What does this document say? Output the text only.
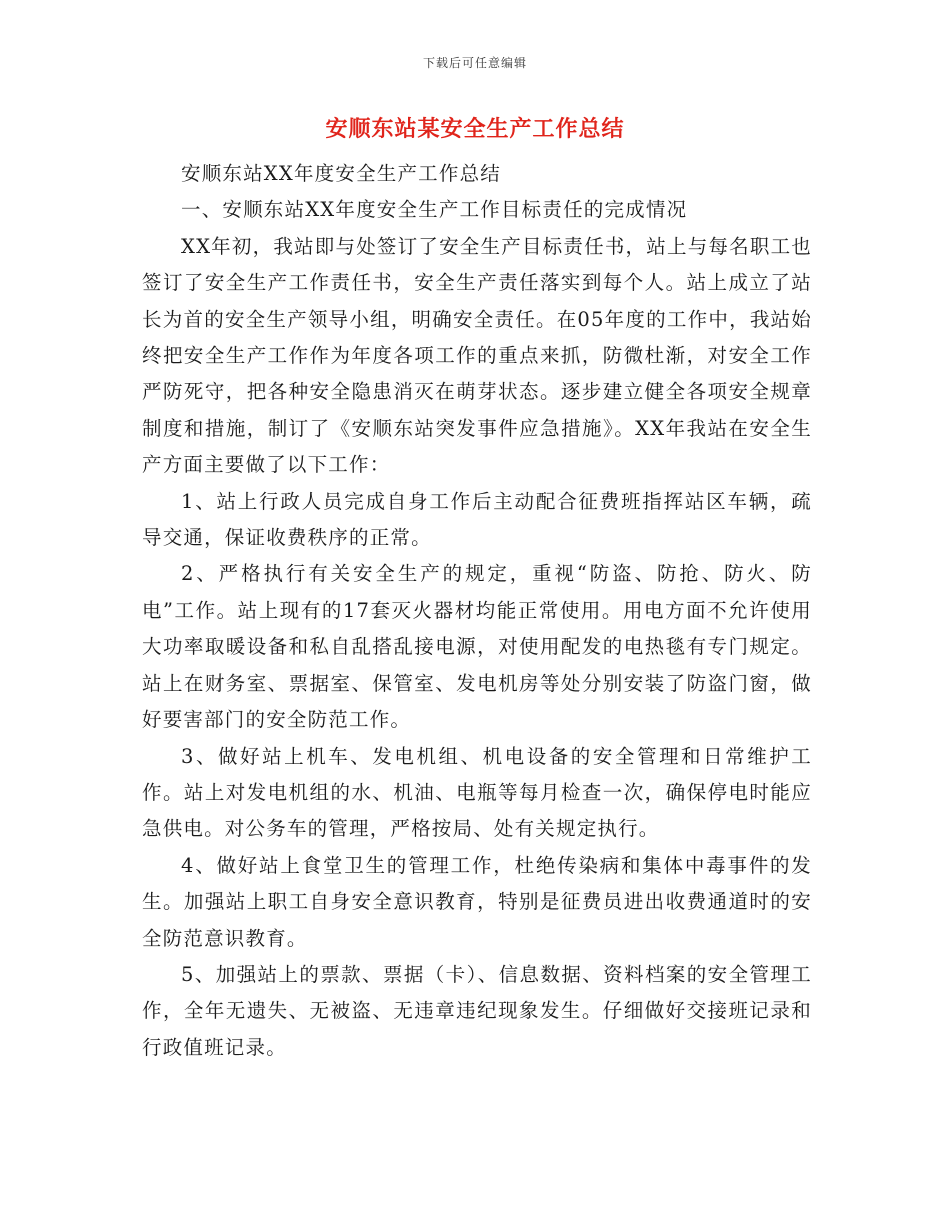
下载后可任意编辑
安顺东站某安全生产工作总结

安顺东站XX年度安全生产工作总结

一、安顺东站XX年度安全生产工作目标责任的完成情况

XX年初，我站即与处签订了安全生产目标责任书，站上与每名职工也签订了安全生产工作责任书，安全生产责任落实到每个人。站上成立了站长为首的安全生产领导小组，明确安全责任。在05年度的工作中，我站始终把安全生产工作作为年度各项工作的重点来抓，防微杜渐，对安全工作严防死守，把各种安全隐患消灭在萌芽状态。逐步建立健全各项安全规章制度和措施，制订了《安顺东站突发事件应急措施》。XX年我站在安全生产方面主要做了以下工作：

1、站上行政人员完成自身工作后主动配合征费班指挥站区车辆，疏导交通，保证收费秩序的正常。

2、严格执行有关安全生产的规定，重视“防盗、防抢、防火、防电”工作。站上现有的17套灭火器材均能正常使用。用电方面不允许使用大功率取暖设备和私自乱搭乱接电源，对使用配发的电热毯有专门规定。站上在财务室、票据室、保管室、发电机房等处分别安装了防盗门窗，做好要害部门的安全防范工作。

3、做好站上机车、发电机组、机电设备的安全管理和日常维护工作。站上对发电机组的水、机油、电瓶等每月检查一次，确保停电时能应急供电。对公务车的管理，严格按局、处有关规定执行。

4、做好站上食堂卫生的管理工作，杜绝传染病和集体中毒事件的发生。加强站上职工自身安全意识教育，特别是征费员进出收费通道时的安全防范意识教育。

5、加强站上的票款、票据（卡）、信息数据、资料档案的安全管理工作，全年无遗失、无被盗、无违章违纪现象发生。仔细做好交接班记录和行政值班记录。
